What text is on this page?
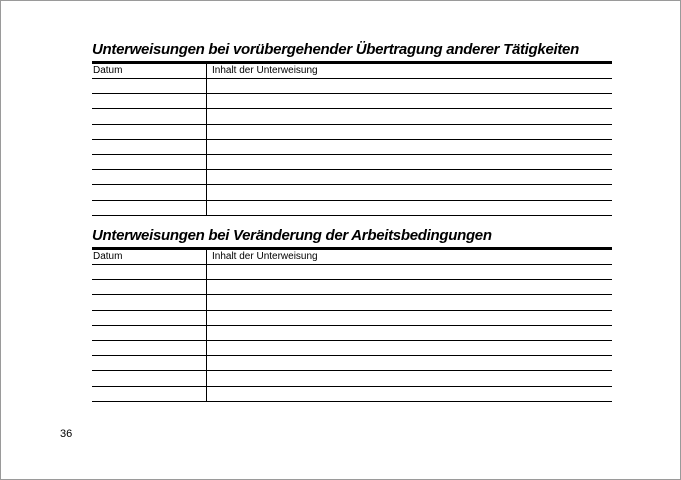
Unterweisungen bei vorübergehender Übertragung anderer Tätigkeiten
Datum	Inhalt der Unterweisung
Unterweisungen bei Veränderung der Arbeitsbedingungen
Datum	Inhalt der Unterweisung
36
